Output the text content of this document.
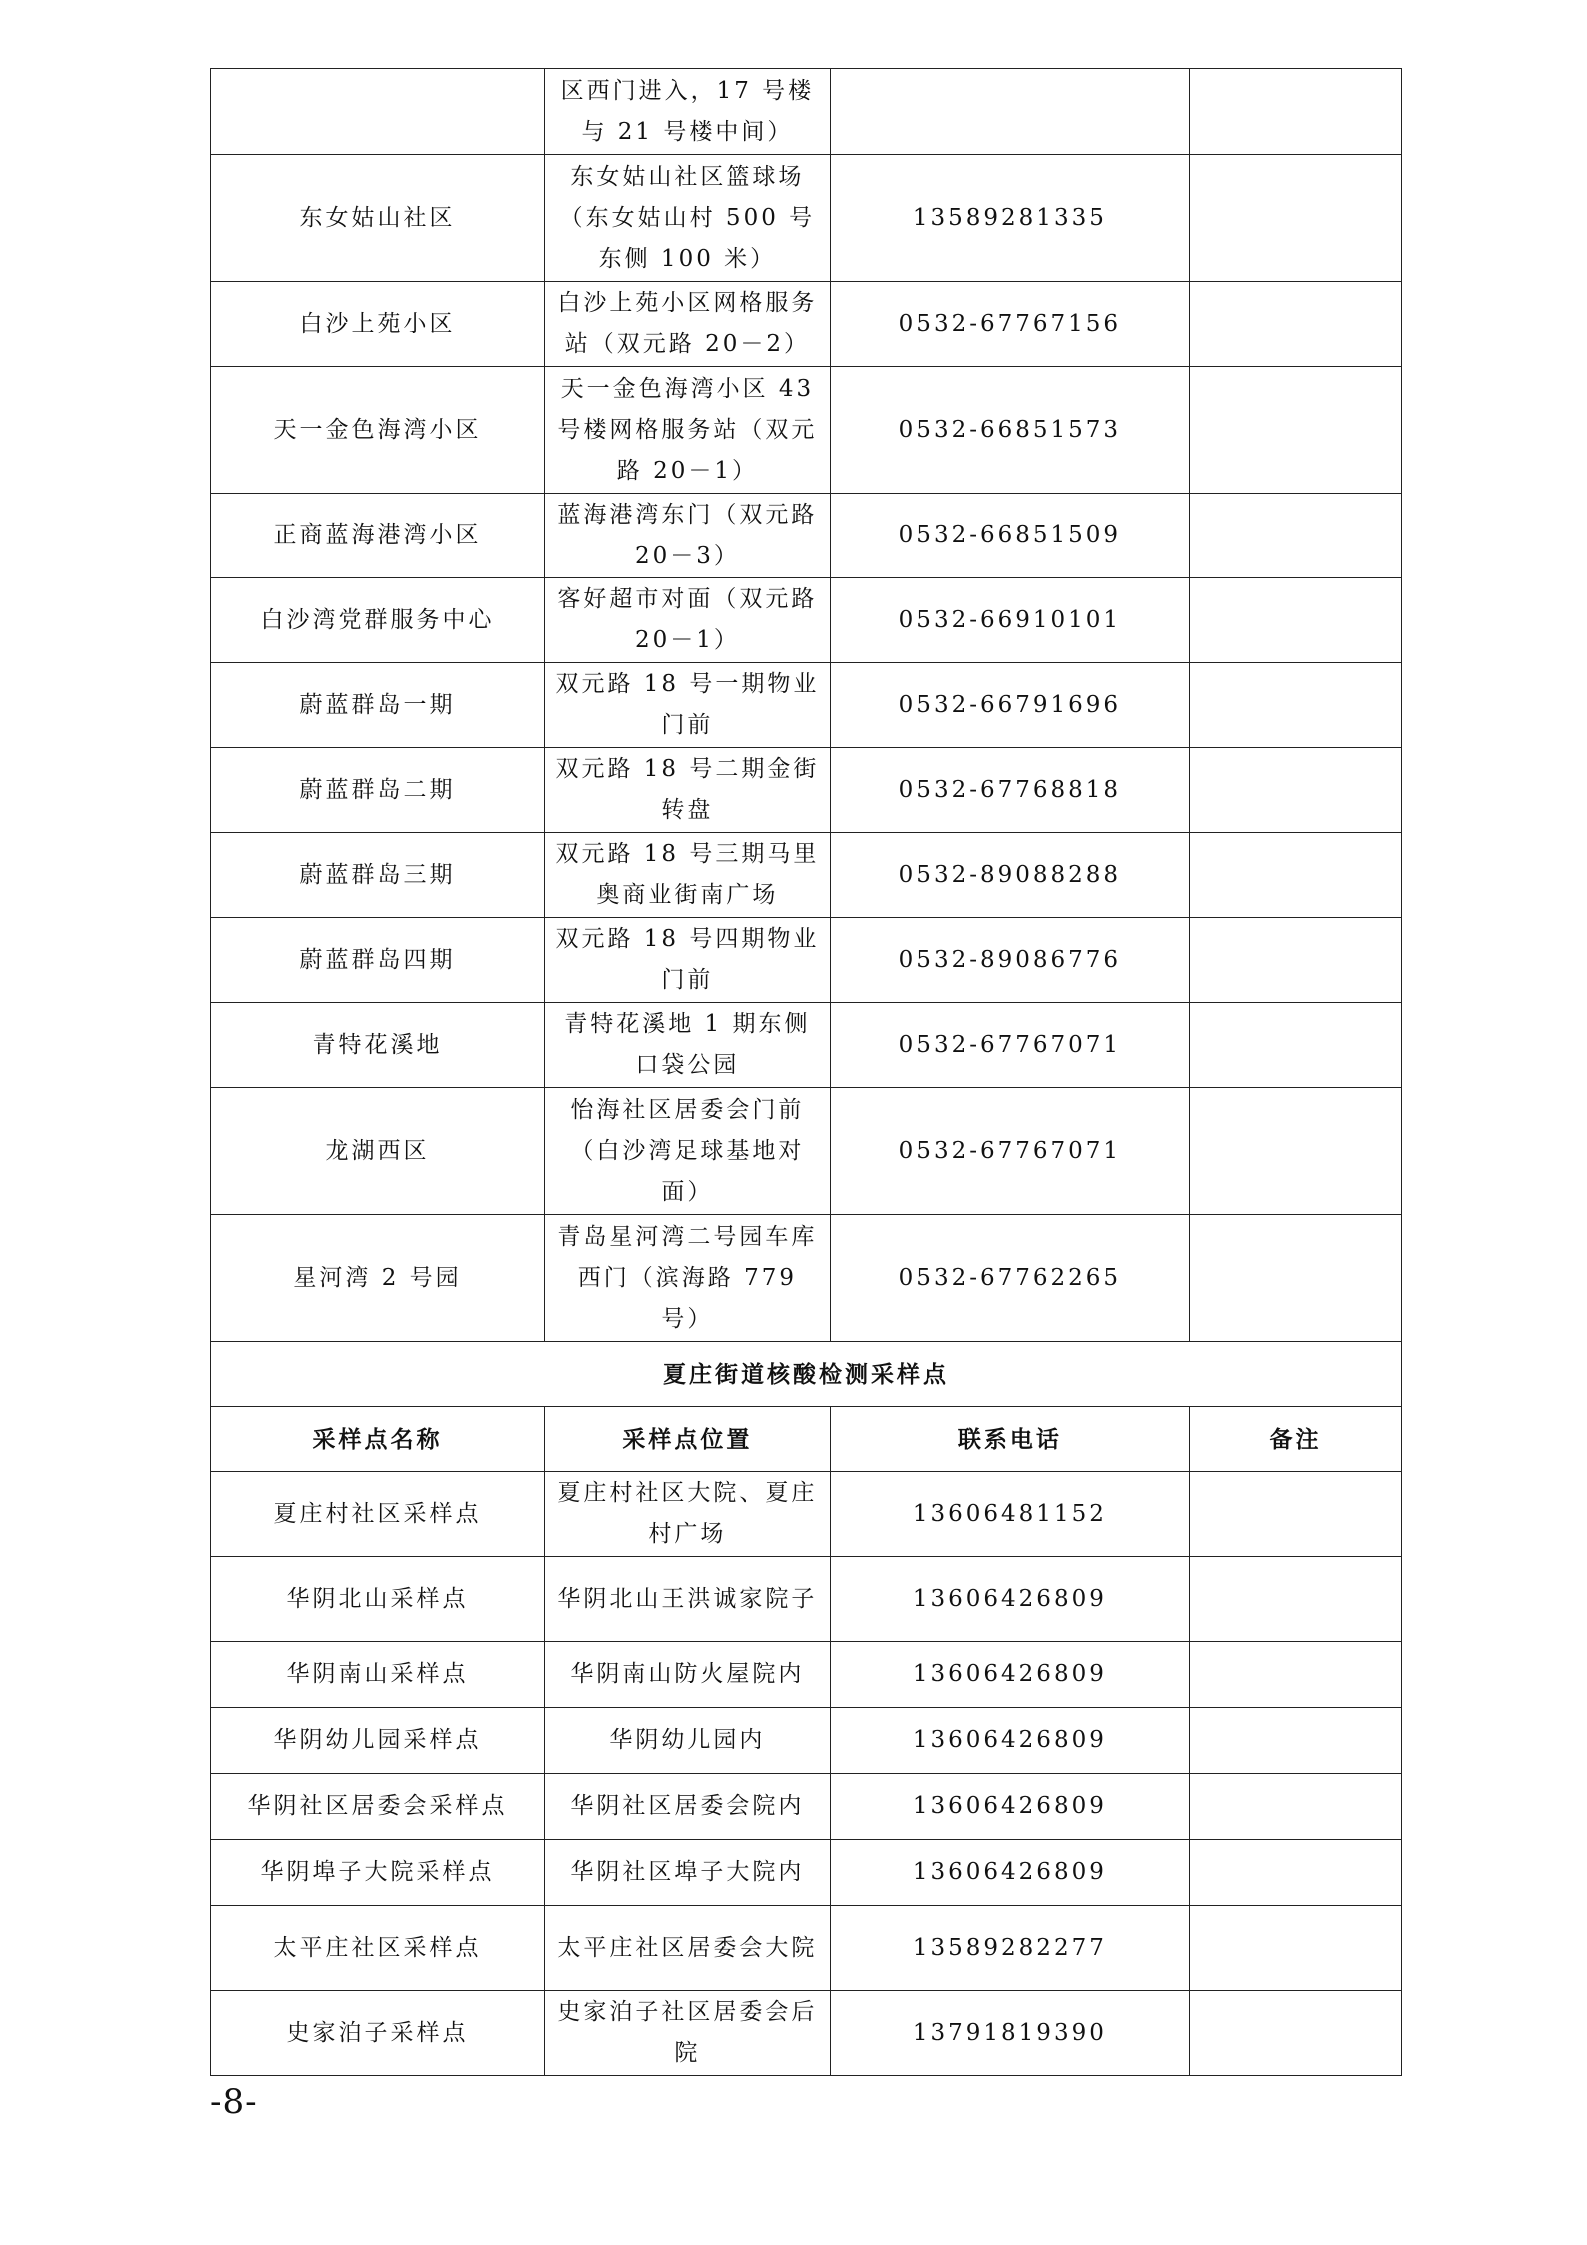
	区西门进入，17 号楼与 21 号楼中间）		
东女姑山社区	东女姑山社区篮球场（东女姑山村 500 号东侧 100 米）	13589281335	
白沙上苑小区	白沙上苑小区网格服务站（双元路 20－2）	0532-67767156	
天一金色海湾小区	天一金色海湾小区 43 号楼网格服务站（双元路 20－1）	0532-66851573	
正商蓝海港湾小区	蓝海港湾东门（双元路 20－3）	0532-66851509	
白沙湾党群服务中心	客好超市对面（双元路 20－1）	0532-66910101	
蔚蓝群岛一期	双元路 18 号一期物业门前	0532-66791696	
蔚蓝群岛二期	双元路 18 号二期金街转盘	0532-67768818	
蔚蓝群岛三期	双元路 18 号三期马里奥商业街南广场	0532-89088288	
蔚蓝群岛四期	双元路 18 号四期物业门前	0532-89086776	
青特花溪地	青特花溪地 1 期东侧口袋公园	0532-67767071	
龙湖西区	怡海社区居委会门前（白沙湾足球基地对面）	0532-67767071	
星河湾 2 号园	青岛星河湾二号园车库西门（滨海路 779 号）	0532-67762265	
夏庄街道核酸检测采样点			
采样点名称	采样点位置	联系电话	备注
夏庄村社区采样点	夏庄村社区大院、夏庄村广场	13606481152	
华阴北山采样点	华阴北山王洪诚家院子	13606426809	
华阴南山采样点	华阴南山防火屋院内	13606426809	
华阴幼儿园采样点	华阴幼儿园内	13606426809	
华阴社区居委会采样点	华阴社区居委会院内	13606426809	
华阴埠子大院采样点	华阴社区埠子大院内	13606426809	
太平庄社区采样点	太平庄社区居委会大院	13589282277	
史家泊子采样点	史家泊子社区居委会后院	13791819390	
-8-
